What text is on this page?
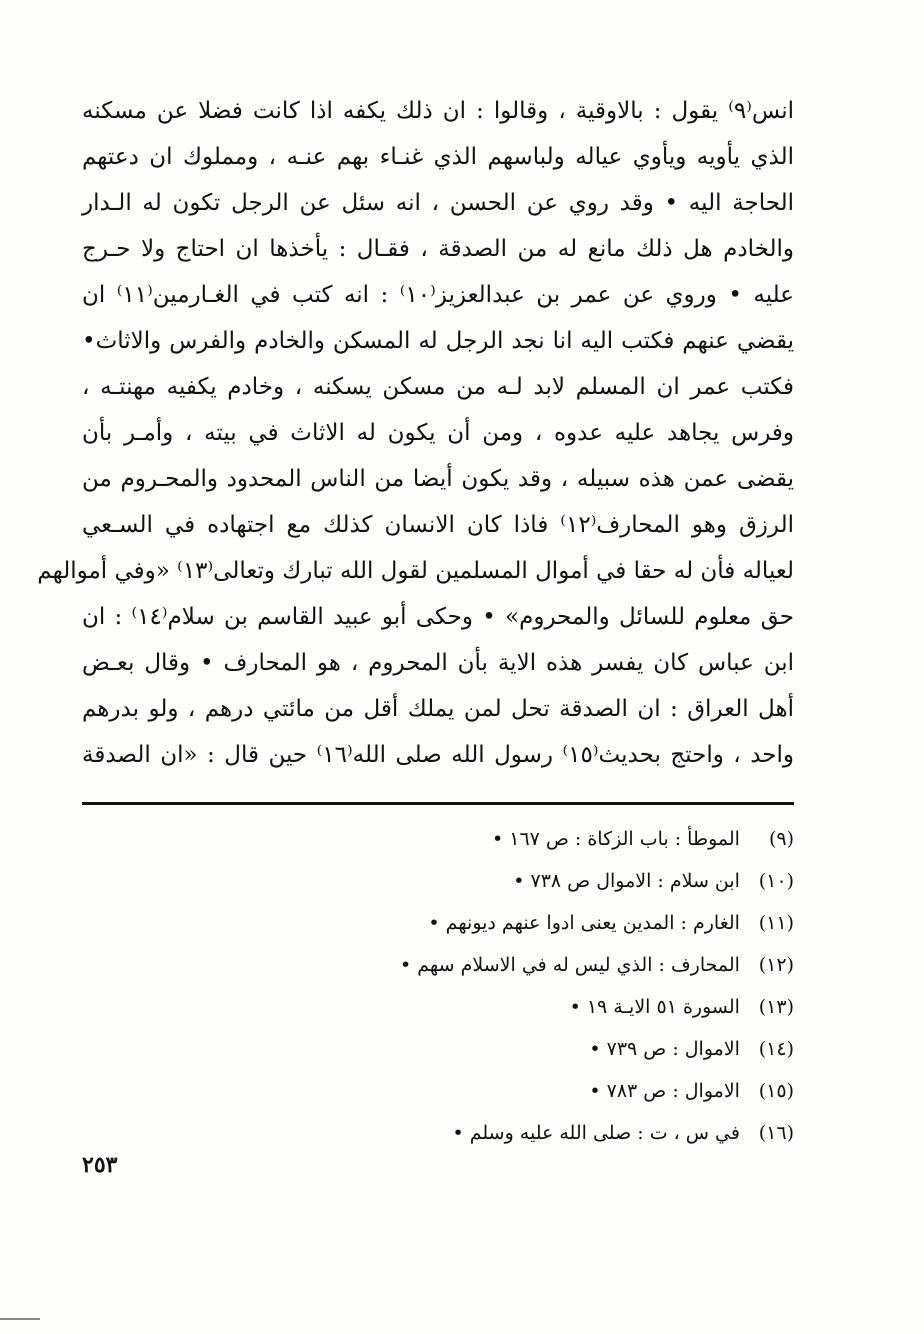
انس⁽٩⁾ يقول : بالاوقية ، وقالوا : ان ذلك يكفه اذا كانت فضلا عن مسكنه
الذي يأويه ويأوي عياله ولباسهم الذي غنـاء بهم عنـه ، ومملوك ان دعتهم
الحاجة اليه • وقد روي عن الحسن ، انه سئل عن الرجل تكون له الـدار
والخادم هل ذلك مانع له من الصدقة ، فقـال : يأخذها ان احتاج ولا حـرج
عليه • وروي عن عمر بن عبدالعزيز⁽١٠⁾ : انه كتب في الغـارمين⁽١١⁾ ان
يقضي عنهم فكتب اليه انا نجد الرجل له المسكن والخادم والفرس والاثاث•
فكتب عمر ان المسلم لابد لـه من مسكن يسكنه ، وخادم يكفيه مهنتـه ،
وفرس يجاهد عليه عدوه ، ومن أن يكون له الاثاث في بيته ، وأمـر بأن
يقضى عمن هذه سبيله ، وقد يكون أيضا من الناس المحدود والمحـروم من
الرزق وهو المحارف⁽١٢⁾ فاذا كان الانسان كذلك مع اجتهاده في السـعي
لعياله فأن له حقا في أموال المسلمين لقول الله تبارك وتعالى⁽١٣⁾ «وفي أموالهم
حق معلوم للسائل والمحروم» • وحكى أبو عبيد القاسم بن سلام⁽١٤⁾ : ان
ابن عباس كان يفسر هذه الاية بأن المحروم ، هو المحارف • وقال بعـض
أهل العراق : ان الصدقة تحل لمن يملك أقل من مائتي درهم ، ولو بدرهم
واحد ، واحتج بحديث⁽١٥⁾ رسول الله صلى الله⁽١٦⁾ حين قال : «ان الصدقة
(٩) الموطأ : باب الزكاة : ص ١٦٧ •
(١٠) ابن سلام : الاموال ص ٧٣٨ •
(١١) الغارم : المدين يعنى ادوا عنهم ديونهم •
(١٢) المحارف : الذي ليس له في الاسلام سهم •
(١٣) السورة ٥١ الايـة ١٩ •
(١٤) الاموال : ص ٧٣٩ •
(١٥) الاموال : ص ٧٨٣ •
(١٦) في س ، ت : صلى الله عليه وسلم •
٢٥٣
